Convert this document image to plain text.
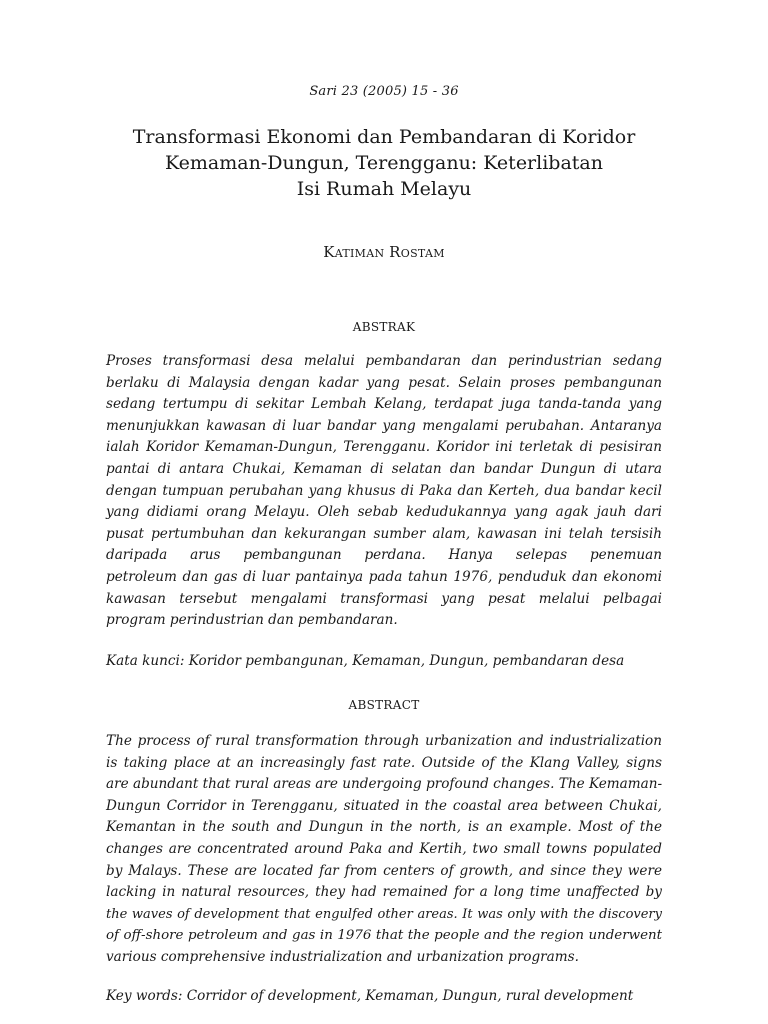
Sari 23 (2005) 15 - 36
Transformasi Ekonomi dan Pembandaran di Koridor
Kemaman-Dungun, Terengganu: Keterlibatan
Isi Rumah Melayu
KATIMAN ROSTAM
ABSTRAK
Proses transformasi desa melalui pembandaran dan perindustrian sedang
berlaku di Malaysia dengan kadar yang pesat. Selain proses pembangunan
sedang tertumpu di sekitar Lembah Kelang, terdapat juga tanda-tanda yang
menunjukkan kawasan di luar bandar yang mengalami perubahan. Antaranya
ialah Koridor Kemaman-Dungun, Terengganu. Koridor ini terletak di pesisiran
pantai di antara Chukai, Kemaman di selatan dan bandar Dungun di utara
dengan tumpuan perubahan yang khusus di Paka dan Kerteh, dua bandar kecil
yang didiami orang Melayu. Oleh sebab kedudukannya yang agak jauh dari
pusat pertumbuhan dan kekurangan sumber alam, kawasan ini telah tersisih
daripada arus pembangunan perdana. Hanya selepas penemuan
petroleum dan gas di luar pantainya pada tahun 1976, penduduk dan ekonomi
kawasan tersebut mengalami transformasi yang pesat melalui pelbagai
program perindustrian dan pembandaran.
Kata kunci: Koridor pembangunan, Kemaman, Dungun, pembandaran desa
ABSTRACT
The process of rural transformation through urbanization and industrialization
is taking place at an increasingly fast rate. Outside of the Klang Valley, signs
are abundant that rural areas are undergoing profound changes. The Kemaman-
Dungun Corridor in Terengganu, situated in the coastal area between Chukai,
Kemantan in the south and Dungun in the north, is an example. Most of the
changes are concentrated around Paka and Kertih, two small towns populated
by Malays. These are located far from centers of growth, and since they were
lacking in natural resources, they had remained for a long time unaffected by
the waves of development that engulfed other areas. It was only with the discovery
of off-shore petroleum and gas in 1976 that the people and the region underwent
various comprehensive industrialization and urbanization programs.
Key words: Corridor of development, Kemaman, Dungun, rural development
